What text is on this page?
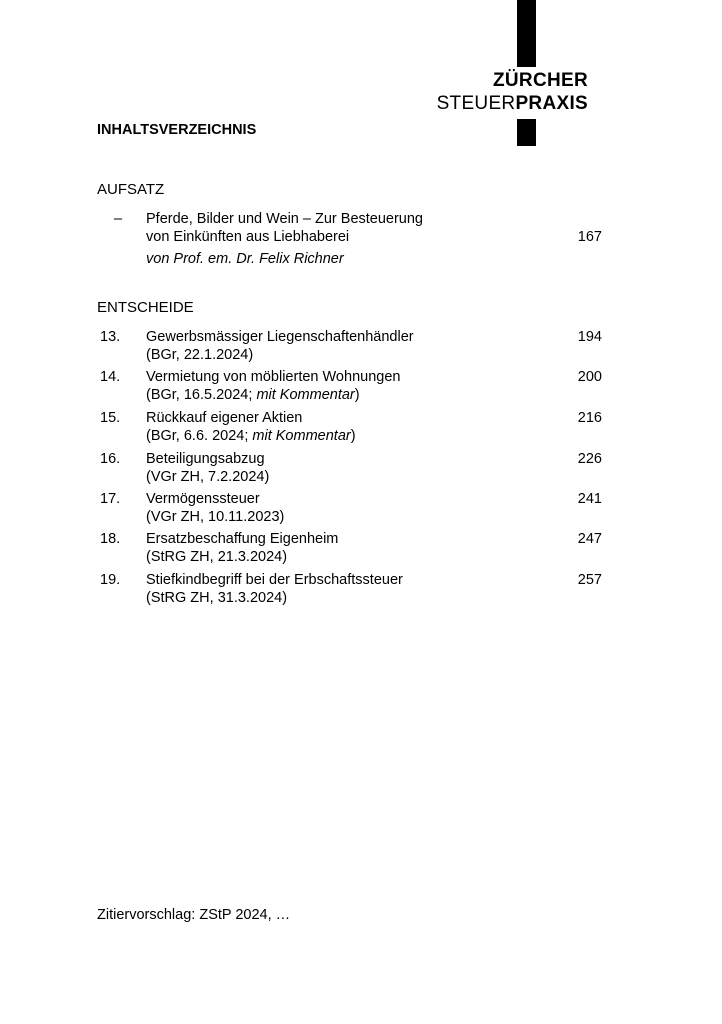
ZÜRCHER
STEUERPRAXIS
INHALTSVERZEICHNIS
AUFSATZ
– Pferde, Bilder und Wein – Zur Besteuerung
von Einkünften aus Liebhaberei
von Prof. em. Dr. Felix Richner
167
ENTSCHEIDE
13. Gewerbsmässiger Liegenschaftenhändler
(BGr, 22.1.2024)
194
14. Vermietung von möblierten Wohnungen
(BGr, 16.5.2024; mit Kommentar)
200
15. Rückkauf eigener Aktien
(BGr, 6.6. 2024; mit Kommentar)
216
16. Beteiligungsabzug
(VGr ZH, 7.2.2024)
226
17. Vermögenssteuer
(VGr ZH, 10.11.2023)
241
18. Ersatzbeschaffung Eigenheim
(StRG ZH, 21.3.2024)
247
19. Stiefkindbegriff bei der Erbschaftssteuer
(StRG ZH, 31.3.2024)
257
Zitiervorschlag: ZStP 2024, …
